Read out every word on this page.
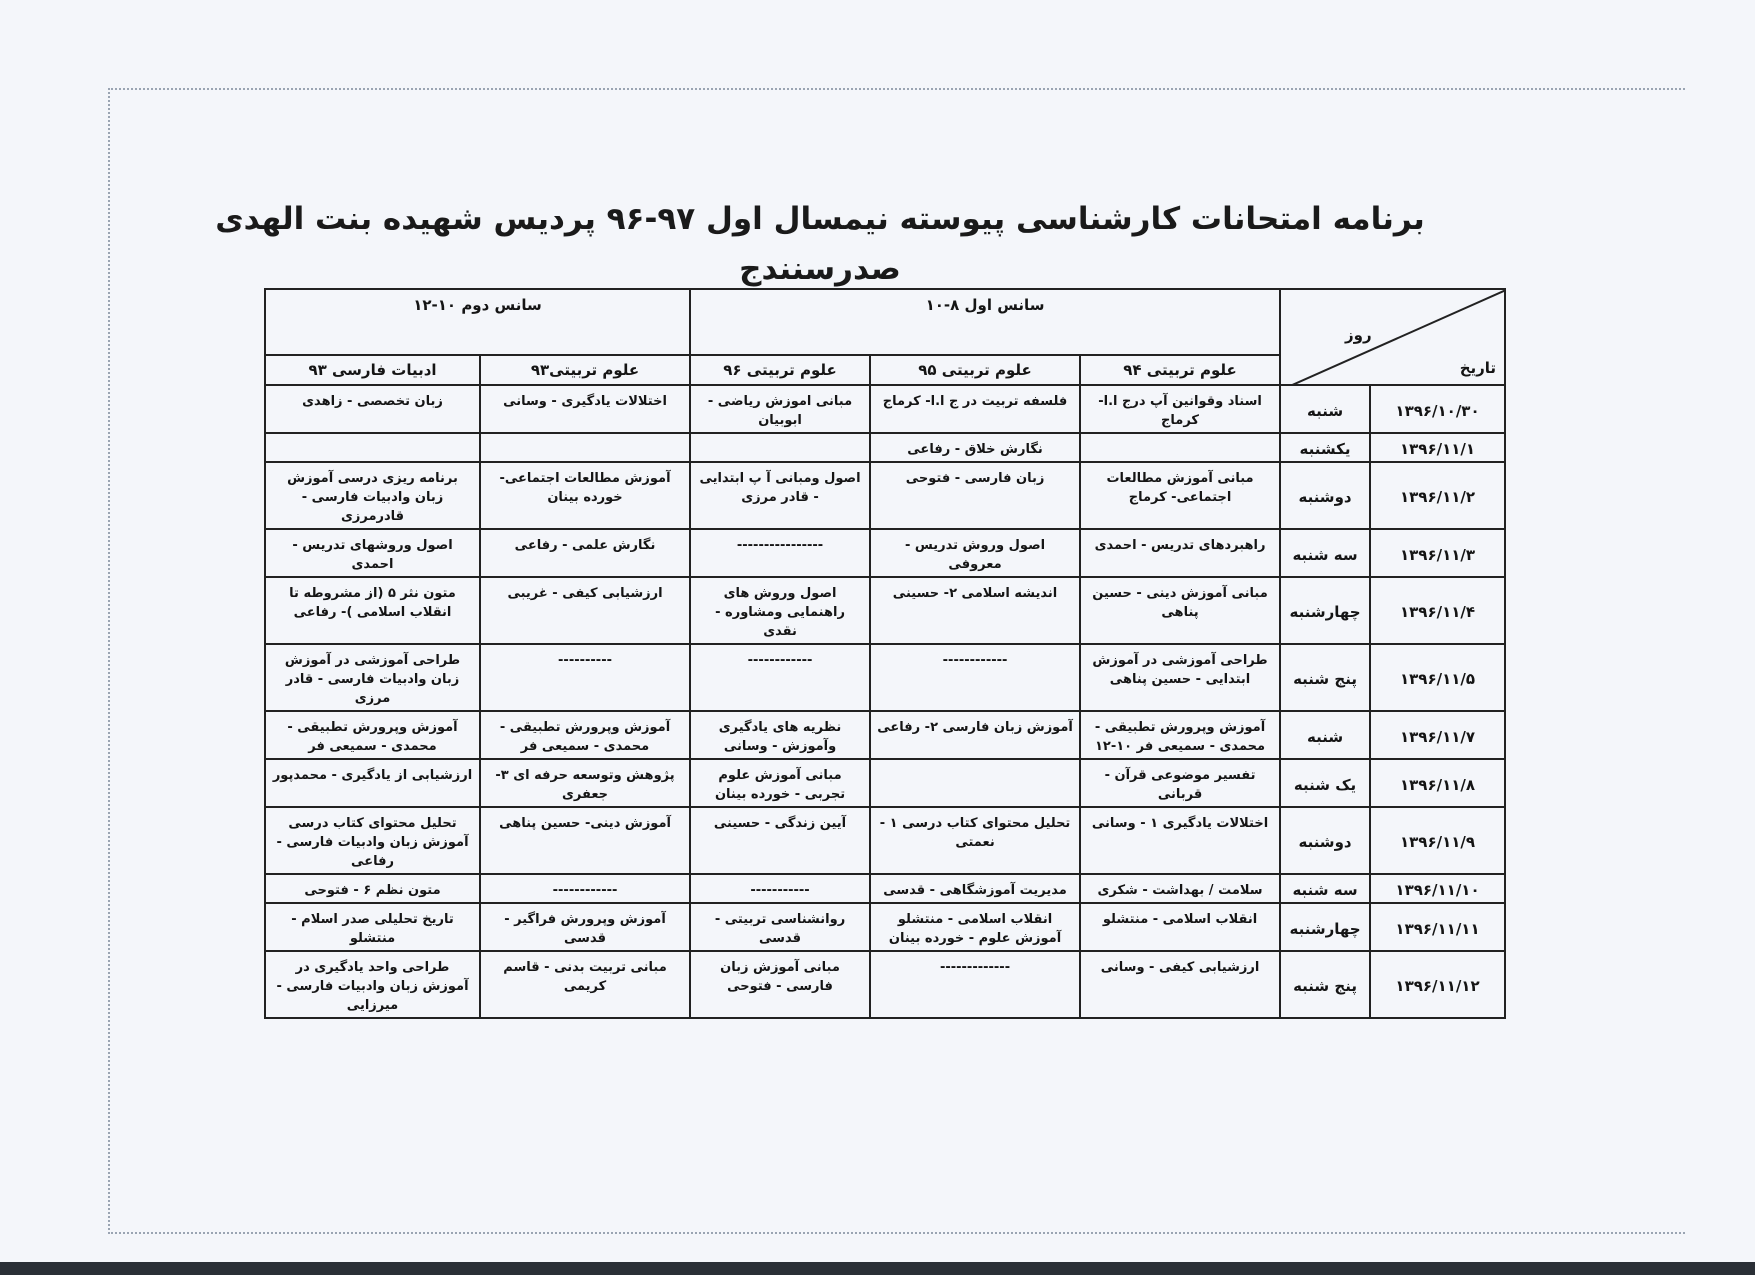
برنامه امتحانات کارشناسی پیوسته نیمسال اول ۹۷-۹۶ پردیس شهیده بنت الهدی صدرسنندج
روز
تاریخ		سانس اول ۸-۱۰			سانس دوم ۱۰-۱۲	
		علوم تربیتی ۹۴	علوم تربیتی ۹۵	علوم تربیتی ۹۶	علوم تربیتی۹۳	ادبیات فارسی ۹۳
۱۳۹۶/۱۰/۳۰	شنبه	اسناد وقوانین آپ درج ا.ا- کرماج	فلسفه تربیت در ج ا.ا- کرماج	مبانی اموزش ریاضی - ابوبیان	اختلالات یادگیری - وسانی	زبان تخصصی - زاهدی
۱۳۹۶/۱۱/۱	یکشنبه		نگارش خلاق - رفاعی			
۱۳۹۶/۱۱/۲	دوشنبه	مبانی آموزش مطالعات اجتماعی- کرماج	زبان فارسی - فتوحی	اصول ومبانی آ پ ابتدایی - قادر مرزی	آموزش مطالعات اجتماعی- خورده بینان	برنامه ریزی درسی آموزش زبان وادبیات فارسی - قادرمرزی
۱۳۹۶/۱۱/۳	سه شنبه	راهبردهای تدریس - احمدی	اصول وروش تدریس - معروفی	----------------	نگارش علمی - رفاعی	اصول وروشهای تدریس - احمدی
۱۳۹۶/۱۱/۴	چهارشنبه	مبانی آموزش دینی - حسین پناهی	اندیشه اسلامی ۲- حسینی	اصول وروش های راهنمایی ومشاوره - نقدی	ارزشیابی کیفی - غریبی	متون نثر ۵ (از مشروطه تا انقلاب اسلامی )- رفاعی
۱۳۹۶/۱۱/۵	پنج شنبه	طراحی آموزشی در آموزش ابتدایی - حسین پناهی	------------	------------	----------	طراحی آموزشی در آموزش زبان وادبیات فارسی - قادر مرزی
۱۳۹۶/۱۱/۷	شنبه	آموزش وپرورش تطبیقی - محمدی - سمیعی فر ۱۰-۱۲	آموزش زبان فارسی ۲- رفاعی	نظریه های یادگیری وآموزش - وسانی	آموزش وپرورش تطبیقی - محمدی - سمیعی فر	آموزش وپرورش تطبیقی - محمدی - سمیعی فر
۱۳۹۶/۱۱/۸	یک شنبه	تفسیر موضوعی قرآن - قربانی		مبانی آموزش علوم تجربی - خورده بینان	پژوهش وتوسعه حرفه ای ۳- جعفری	ارزشیابی از یادگیری - محمدپور
۱۳۹۶/۱۱/۹	دوشنبه	اختلالات یادگیری ۱ - وسانی	تحلیل محتوای کتاب درسی ۱ - نعمتی	آیین زندگی - حسینی	آموزش دینی- حسین پناهی	تحلیل محتوای کتاب درسی آموزش زبان وادبیات فارسی - رفاعی
۱۳۹۶/۱۱/۱۰	سه شنبه	سلامت / بهداشت - شکری	مدیریت آموزشگاهی - قدسی	-----------	------------	متون نظم ۶ - فتوحی
۱۳۹۶/۱۱/۱۱	چهارشنبه	انقلاب اسلامی - منتشلو	انقلاب اسلامی - منتشلو آموزش علوم - خورده بینان	روانشناسی تربیتی - قدسی	آموزش وپرورش فراگیر - قدسی	تاریخ تحلیلی صدر اسلام - منتشلو
۱۳۹۶/۱۱/۱۲	پنج شنبه	ارزشیابی کیفی - وسانی	-------------	مبانی آموزش زبان فارسی - فتوحی	مبانی تربیت بدنی - قاسم کریمی	طراحی واحد یادگیری در آموزش زبان وادبیات فارسی - میرزایی
